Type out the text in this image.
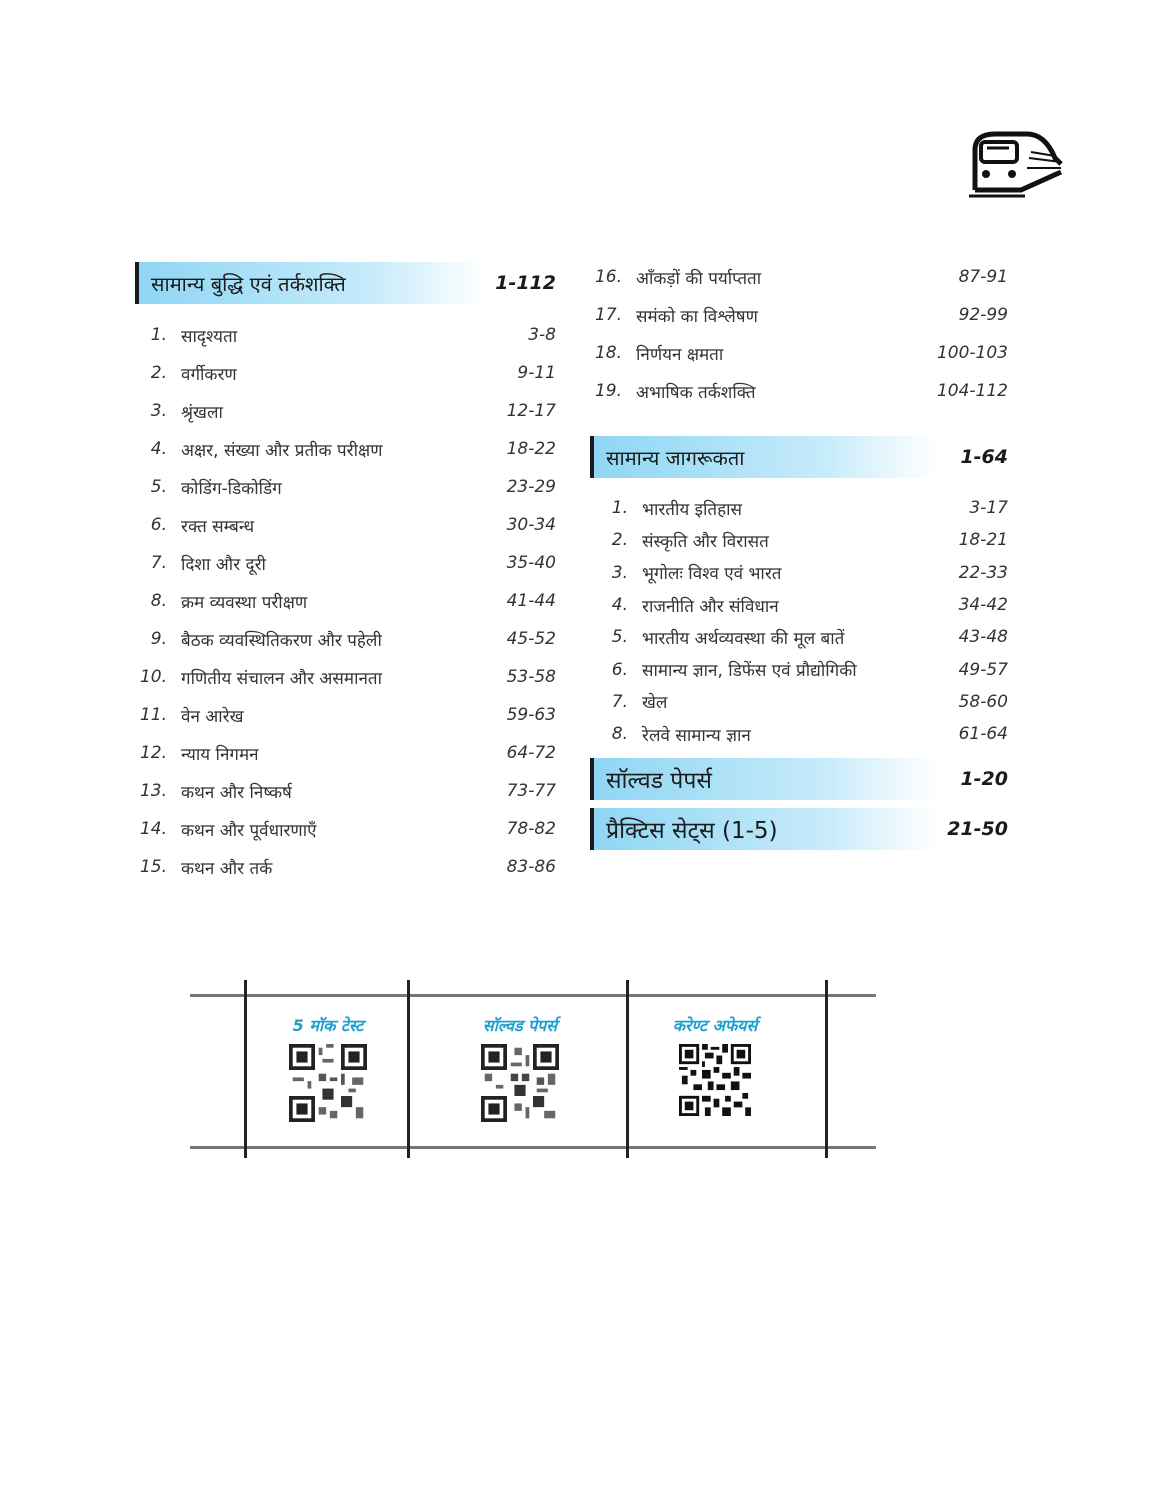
सामान्य बुद्धि एवं तर्कशक्ति	1-112
1. सादृश्यता	3-8
2. वर्गीकरण	9-11
3. श्रृंखला	12-17
4. अक्षर, संख्या और प्रतीक परीक्षण	18-22
5. कोडिंग-डिकोडिंग	23-29
6. रक्त सम्बन्ध	30-34
7. दिशा और दूरी	35-40
8. क्रम व्यवस्था परीक्षण	41-44
9. बैठक व्यवस्थितिकरण और पहेली	45-52
10. गणितीय संचालन और असमानता	53-58
11. वेन आरेख	59-63
12. न्याय निगमन	64-72
13. कथन और निष्कर्ष	73-77
14. कथन और पूर्वधारणाएँ	78-82
15. कथन और तर्क	83-86
16. आँकड़ों की पर्याप्तता	87-91
17. समंको का विश्लेषण	92-99
18. निर्णयन क्षमता	100-103
19. अभाषिक तर्कशक्ति	104-112
सामान्य जागरूकता	1-64
1. भारतीय इतिहास	3-17
2. संस्कृति और विरासत	18-21
3. भूगोलः विश्व एवं भारत	22-33
4. राजनीति और संविधान	34-42
5. भारतीय अर्थव्यवस्था की मूल बातें	43-48
6. सामान्य ज्ञान, डिफेंस एवं प्रौद्योगिकी	49-57
7. खेल	58-60
8. रेलवे सामान्य ज्ञान	61-64
सॉल्वड पेपर्स	1-20
प्रैक्टिस सेट्स (1-5)	21-50
5 मॉक टेस्ट	सॉल्वड पेपर्स	करेण्ट अफेयर्स
